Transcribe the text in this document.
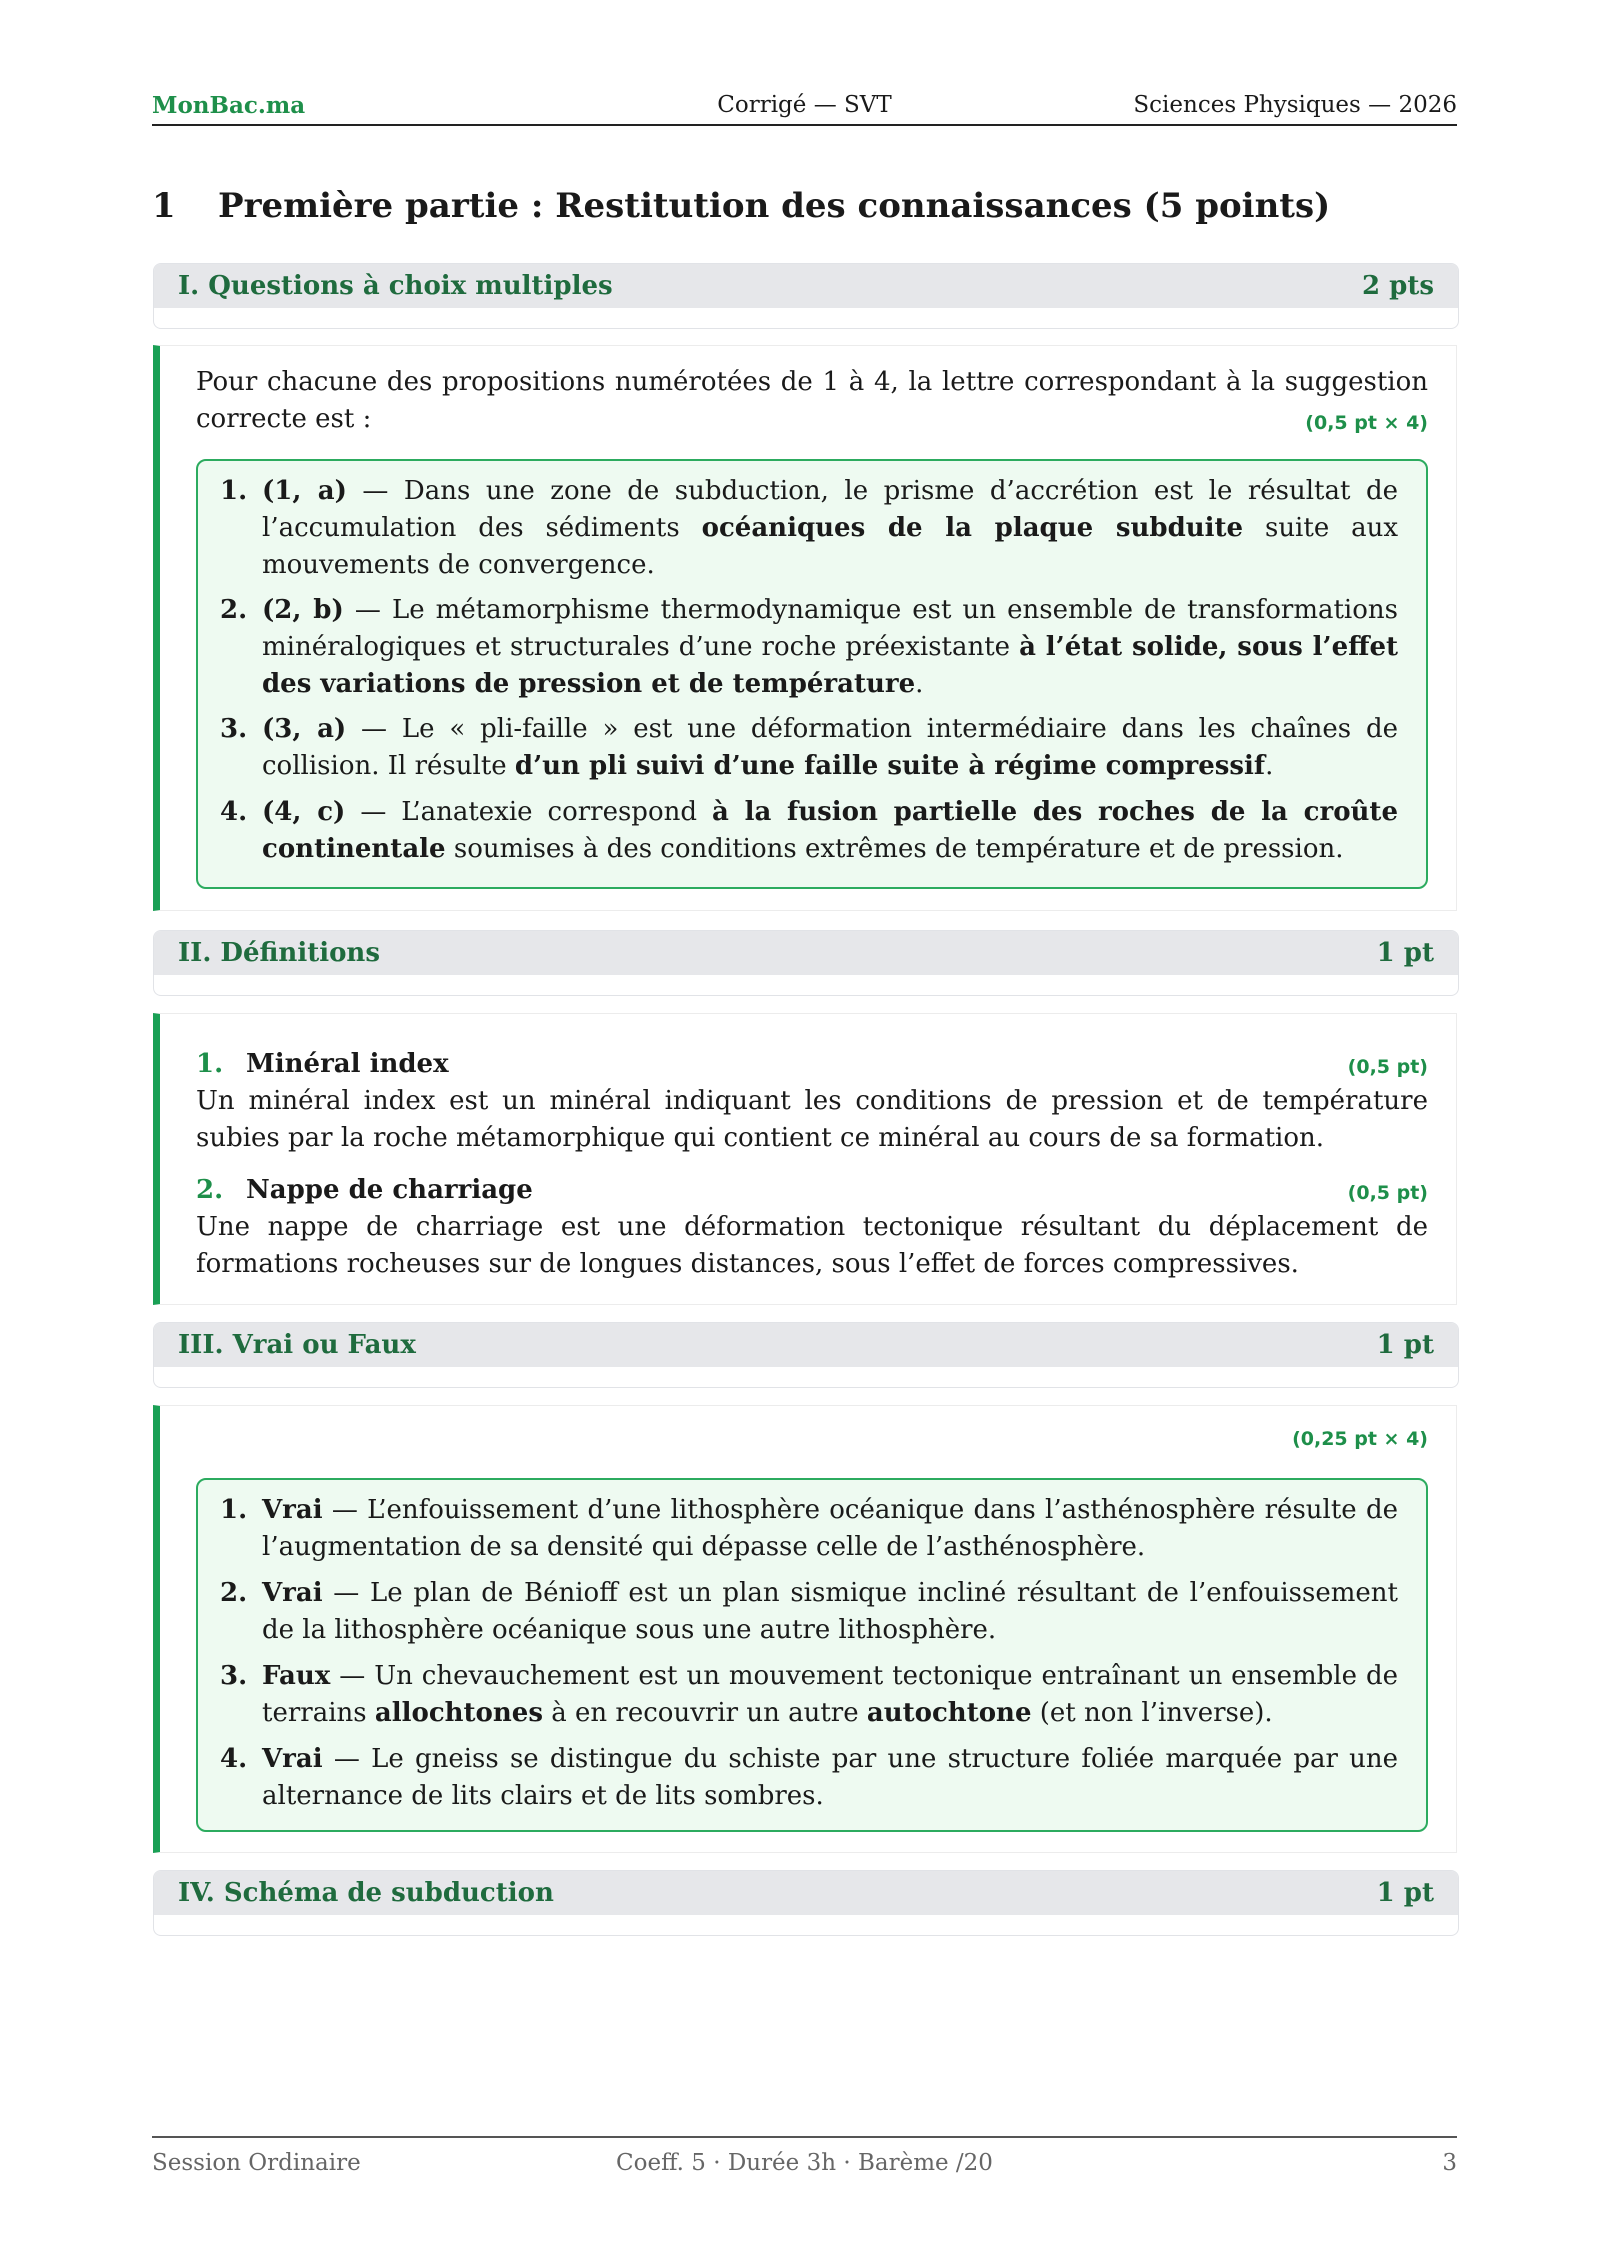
MonBac.ma	Corrigé — SVT	Sciences Physiques — 2026
1 Première partie : Restitution des connaissances (5 points)
I. Questions à choix multiples	2 pts
Pour chacune des propositions numérotées de 1 à 4, la lettre correspondant à la suggestion correcte est :	(0,5 pt × 4)
1. (1, a) — Dans une zone de subduction, le prisme d’accrétion est le résultat de l’accumulation des sédiments océaniques de la plaque subduite suite aux mouvements de convergence.
2. (2, b) — Le métamorphisme thermodynamique est un ensemble de transformations minéralogiques et structurales d’une roche préexistante à l’état solide, sous l’effet des variations de pression et de température.
3. (3, a) — Le « pli-faille » est une déformation intermédiaire dans les chaînes de collision. Il résulte d’un pli suivi d’une faille suite à régime compressif.
4. (4, c) — L’anatexie correspond à la fusion partielle des roches de la croûte continentale soumises à des conditions extrêmes de température et de pression.
II. Définitions	1 pt
1. Minéral index
Un minéral index est un minéral indiquant les conditions de pression et de température subies par la roche métamorphique qui contient ce minéral au cours de sa formation.
(0,5 pt)
2. Nappe de charriage
Une nappe de charriage est une déformation tectonique résultant du déplacement de formations rocheuses sur de longues distances, sous l’effet de forces compressives.
(0,5 pt)
III. Vrai ou Faux	1 pt
(0,25 pt × 4)
1. Vrai — L’enfouissement d’une lithosphère océanique dans l’asthénosphère résulte de l’augmentation de sa densité qui dépasse celle de l’asthénosphère.
2. Vrai — Le plan de Bénioff est un plan sismique incliné résultant de l’enfouissement de la lithosphère océanique sous une autre lithosphère.
3. Faux — Un chevauchement est un mouvement tectonique entraînant un ensemble de terrains allochtones à en recouvrir un autre autochtone (et non l’inverse).
4. Vrai — Le gneiss se distingue du schiste par une structure foliée marquée par une alternance de lits clairs et de lits sombres.
IV. Schéma de subduction	1 pt
Session Ordinaire	Coeff. 5 · Durée 3h · Barème /20	3
